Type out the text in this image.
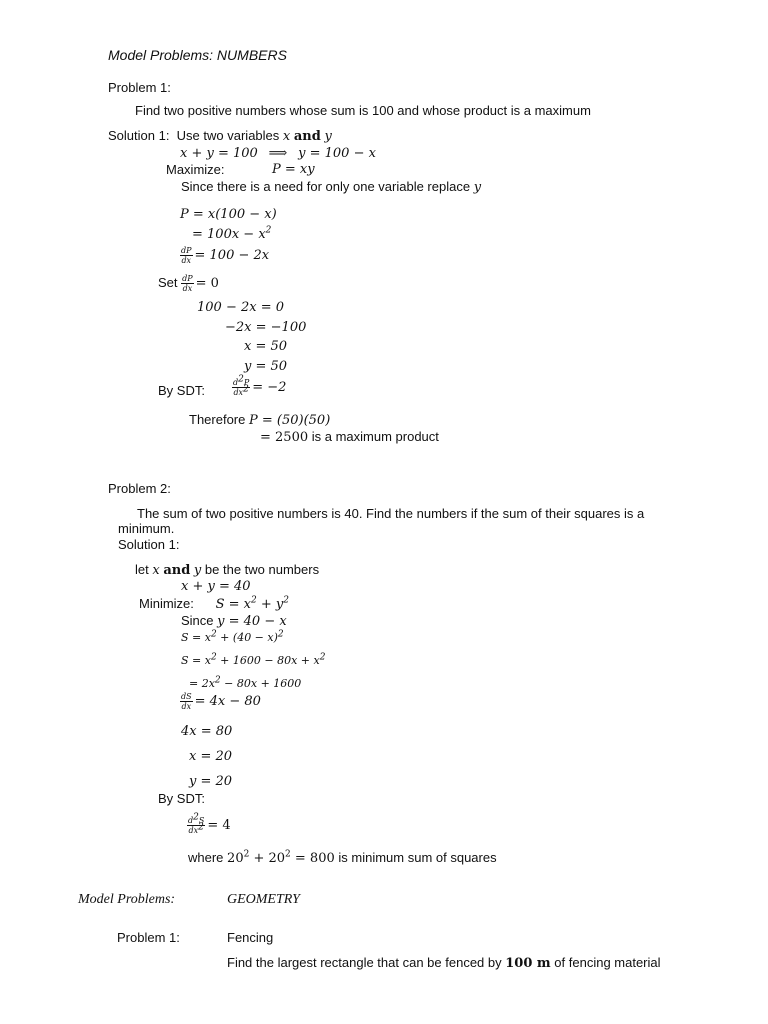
Model Problems: NUMBERS
Problem 1:
Find two positive numbers whose sum is 100 and whose product is a maximum
Solution 1: Use two variables x and y
x + y = 100 ⟹ y = 100 − x
Maximize:	P = xy
Since there is a need for only one variable replace y
P = x(100 − x)
= $100x - x^2$
$\frac{dP}{dx} = 100 - 2x$
Set $\frac{dP}{dx} = 0$
100 − 2x = 0
−2x = −100
x = 50
y = 50
By SDT:	$\frac{d^2P}{dx^2} = -2$
Therefore P = (50)(50)
= 2500 is a maximum product
Problem 2:
The sum of two positive numbers is 40. Find the numbers if the sum of their squares is a
minimum.
Solution 1:
let x and y be the two numbers
x + y = 40
Minimize: $S = x^2 + y^2$
Since y = 40 − x
$S = x^2 + (40 - x)^2$
$S = x^2 + 1600 - 80x + x^2$
= $2x^2 - 80x + 1600$
$\frac{dS}{dx} = 4x - 80$
4x = 80
x = 20
y = 20
By SDT:
$\frac{d^2S}{dx^2} = 4$
where $20^2 + 20^2 = 800$ is minimum sum of squares
Model Problems:	GEOMETRY
Problem 1:	Fencing
Find the largest rectangle that can be fenced by 100 m of fencing material
